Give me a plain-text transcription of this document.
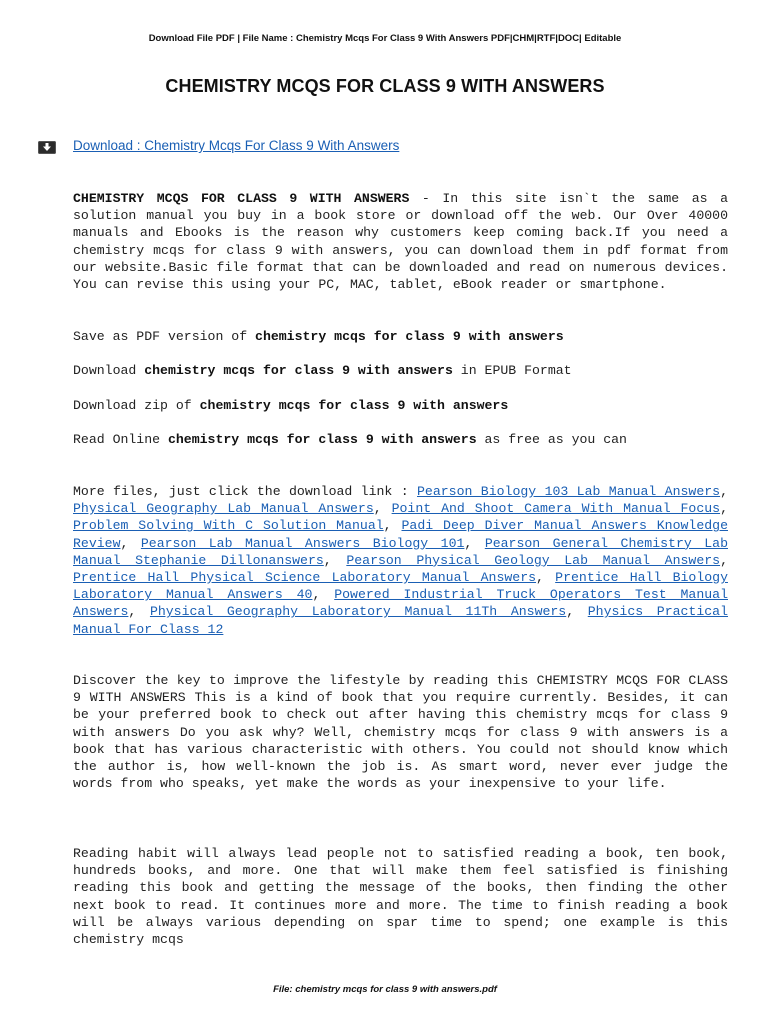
Download File PDF | File Name : Chemistry Mcqs For Class 9 With Answers PDF|CHM|RTF|DOC| Editable
CHEMISTRY MCQS FOR CLASS 9 WITH ANSWERS
Download : Chemistry Mcqs For Class 9 With Answers

CHEMISTRY MCQS FOR CLASS 9 WITH ANSWERS - In this site isn`t the same as a solution manual you buy in a book store or download off the web. Our Over 40000 manuals and Ebooks is the reason why customers keep coming back.If you need a chemistry mcqs for class 9 with answers, you can download them in pdf format from our website.Basic file format that can be downloaded and read on numerous devices. You can revise this using your PC, MAC, tablet, eBook reader or smartphone.

Save as PDF version of chemistry mcqs for class 9 with answers

Download chemistry mcqs for class 9 with answers in EPUB Format

Download zip of chemistry mcqs for class 9 with answers

Read Online chemistry mcqs for class 9 with answers as free as you can

More files, just click the download link : Pearson Biology 103 Lab Manual Answers, Physical Geography Lab Manual Answers, Point And Shoot Camera With Manual Focus, Problem Solving With C Solution Manual, Padi Deep Diver Manual Answers Knowledge Review, Pearson Lab Manual Answers Biology 101, Pearson General Chemistry Lab Manual Stephanie Dillonanswers, Pearson Physical Geology Lab Manual Answers, Prentice Hall Physical Science Laboratory Manual Answers, Prentice Hall Biology Laboratory Manual Answers 40, Powered Industrial Truck Operators Test Manual Answers, Physical Geography Laboratory Manual 11Th Answers, Physics Practical Manual For Class 12

Discover the key to improve the lifestyle by reading this CHEMISTRY MCQS FOR CLASS 9 WITH ANSWERS This is a kind of book that you require currently. Besides, it can be your preferred book to check out after having this chemistry mcqs for class 9 with answers Do you ask why? Well, chemistry mcqs for class 9 with answers is a book that has various characteristic with others. You could not should know which the author is, how well-known the job is. As smart word, never ever judge the words from who speaks, yet make the words as your inexpensive to your life.

Reading habit will always lead people not to satisfied reading a book, ten book, hundreds books, and more. One that will make them feel satisfied is finishing reading this book and getting the message of the books, then finding the other next book to read. It continues more and more. The time to finish reading a book will be always various depending on spar time to spend; one example is this chemistry mcqs

File: chemistry mcqs for class 9 with answers.pdf
